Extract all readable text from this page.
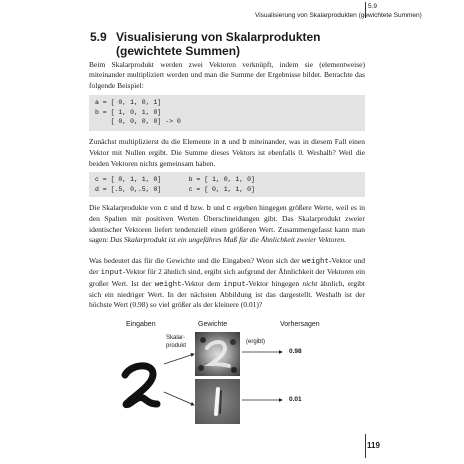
5.9
Visualisierung von Skalarprodukten (gewichtete Summen)
5.9 Visualisierung von Skalarprodukten
(gewichtete Summen)
Beim Skalarprodukt werden zwei Vektoren verknüpft, indem sie (elementweise) miteinander multipliziert werden und man die Summe der Ergebnisse bildet. Betrachte das folgende Beispiel:
a = [ 0, 1, 0, 1]
b = [ 1, 0, 1, 0]
[ 0, 0, 0, 0] -> 0
Zunächst multiplizierst du die Elemente in a und b miteinander, was in diesem Fall einen Vektor mit Nullen ergibt. Die Summe dieses Vektors ist ebenfalls 0. Weshalb? Weil die beiden Vektoren nichts gemeinsam haben.
c = [ 0, 1, 1, 0]       b = [ 1, 0, 1, 0]
d = [.5, 0,.5, 0]       c = [ 0, 1, 1, 0]
Die Skalarprodukte von c und d bzw. b und c ergeben hingegen größere Werte, weil es in den Spalten mit positiven Werten Überschneidungen gibt. Das Skalarprodukt zweier identischer Vektoren liefert tendenziell einen größeren Wert. Zusammengefasst kann man sagen: Das Skalarprodukt ist ein ungefähres Maß für die Ähnlichkeit zweier Vektoren.
Was bedeutet das für die Gewichte und die Eingaben? Wenn sich der weight-Vektor und der input-Vektor für 2 ähnlich sind, ergibt sich aufgrund der Ähnlichkeit der Vektoren ein großer Wert. Ist der weight-Vektor dem input-Vektor hingegen nicht ähnlich, ergibt sich ein niedriger Wert. In der nächsten Abbildung ist das dargestellt. Weshalb ist der höchste Wert (0.98) so viel größer als der kleinere (0.01)?
Eingaben	Gewichte	Vorhersagen
Skalar-
produkt
(ergibt)
0.98
0.01
119
